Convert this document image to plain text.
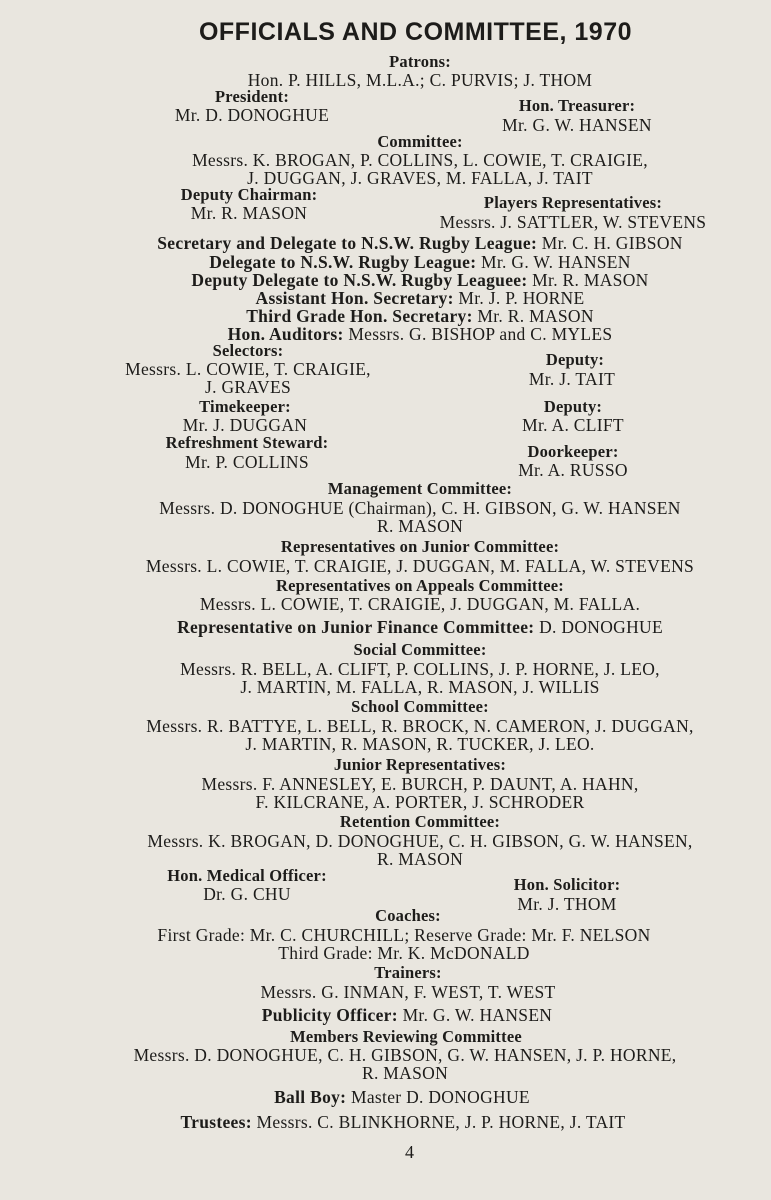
OFFICIALS AND COMMITTEE, 1970
Patrons:
Hon. P. HILLS, M.L.A.; C. PURVIS; J. THOM
President:
Mr. D. DONOGHUE	Hon. Treasurer:
Mr. G. W. HANSEN
Committee:
Messrs. K. BROGAN, P. COLLINS, L. COWIE, T. CRAIGIE,
J. DUGGAN, J. GRAVES, M. FALLA, J. TAIT
Deputy Chairman:
Mr. R. MASON
Players Representatives:
Messrs. J. SATTLER, W. STEVENS
Secretary and Delegate to N.S.W. Rugby League: Mr. C. H. GIBSON
Delegate to N.S.W. Rugby League: Mr. G. W. HANSEN
Deputy Delegate to N.S.W. Rugby Leaguee: Mr. R. MASON
Assistant Hon. Secretary: Mr. J. P. HORNE
Third Grade Hon. Secretary: Mr. R. MASON
Hon. Auditors: Messrs. G. BISHOP and C. MYLES
Selectors:
Messrs. L. COWIE, T. CRAIGIE,
J. GRAVES
Deputy:
Mr. J. TAIT
Timekeeper:
Mr. J. DUGGAN
Deputy:
Mr. A. CLIFT
Refreshment Steward:
Mr. P. COLLINS
Doorkeeper:
Mr. A. RUSSO
Management Committee:
Messrs. D. DONOGHUE (Chairman), C. H. GIBSON, G. W. HANSEN
R. MASON
Representatives on Junior Committee:
Messrs. L. COWIE, T. CRAIGIE, J. DUGGAN, M. FALLA, W. STEVENS
Representatives on Appeals Committee:
Messrs. L. COWIE, T. CRAIGIE, J. DUGGAN, M. FALLA.
Representative on Junior Finance Committee: D. DONOGHUE
Social Committee:
Messrs. R. BELL, A. CLIFT, P. COLLINS, J. P. HORNE, J. LEO,
J. MARTIN, M. FALLA, R. MASON, J. WILLIS
School Committee:
Messrs. R. BATTYE, L. BELL, R. BROCK, N. CAMERON, J. DUGGAN,
J. MARTIN, R. MASON, R. TUCKER, J. LEO.
Junior Representatives:
Messrs. F. ANNESLEY, E. BURCH, P. DAUNT, A. HAHN,
F. KILCRANE, A. PORTER, J. SCHRODER
Retention Committee:
Messrs. K. BROGAN, D. DONOGHUE, C. H. GIBSON, G. W. HANSEN,
R. MASON
Hon. Medical Officer:
Dr. G. CHU	Hon. Solicitor:
Mr. J. THOM
Coaches:
First Grade: Mr. C. CHURCHILL; Reserve Grade: Mr. F. NELSON
Third Grade: Mr. K. McDONALD
Trainers:
Messrs. G. INMAN, F. WEST, T. WEST
Publicity Officer: Mr. G. W. HANSEN
Members Reviewing Committee
Messrs. D. DONOGHUE, C. H. GIBSON, G. W. HANSEN, J. P. HORNE,
R. MASON
Ball Boy: Master D. DONOGHUE
Trustees: Messrs. C. BLINKHORNE, J. P. HORNE, J. TAIT
4
